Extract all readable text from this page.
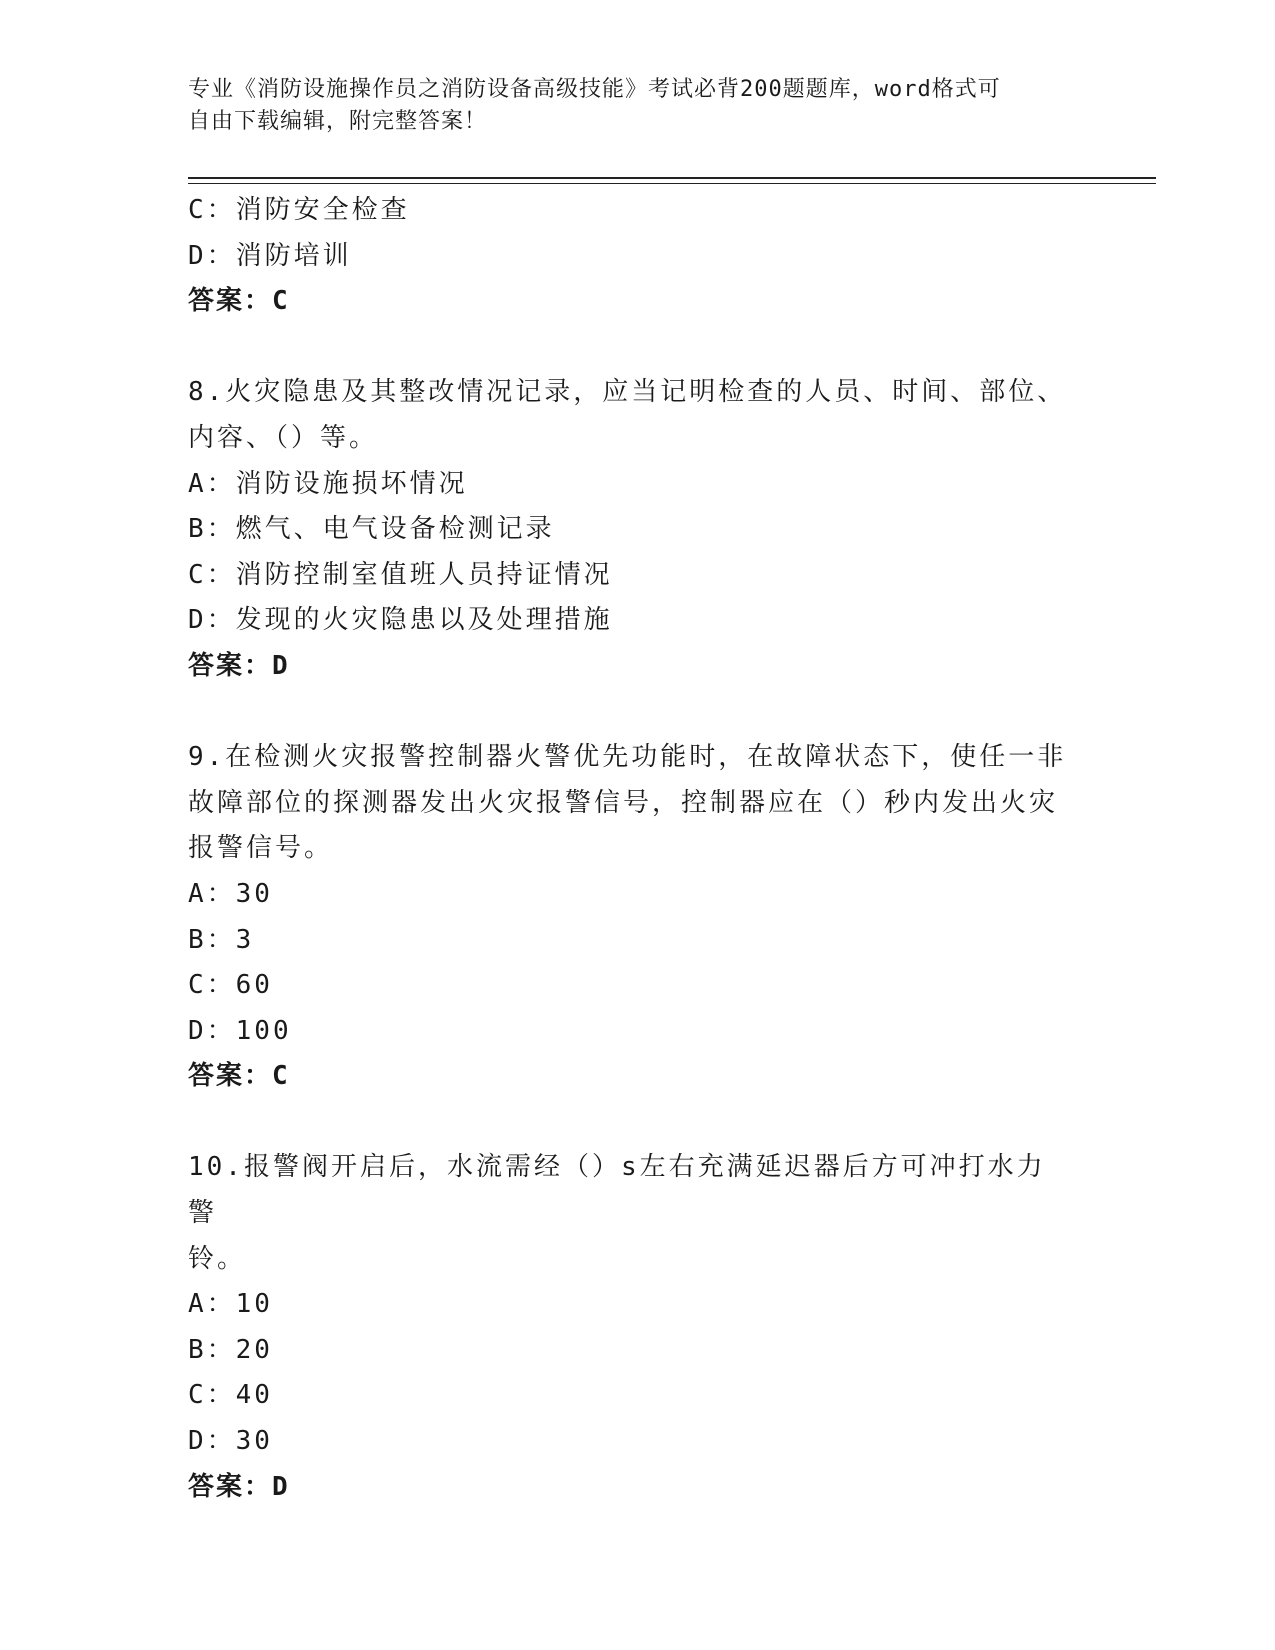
专业《消防设施操作员之消防设备高级技能》考试必背200题题库，word格式可
自由下载编辑，附完整答案！
C：消防安全检查
D：消防培训
答案：C
8.火灾隐患及其整改情况记录，应当记明检查的人员、时间、部位、
内容、（）等。
A：消防设施损坏情况
B：燃气、电气设备检测记录
C：消防控制室值班人员持证情况
D：发现的火灾隐患以及处理措施
答案：D
9.在检测火灾报警控制器火警优先功能时，在故障状态下，使任一非
故障部位的探测器发出火灾报警信号，控制器应在（）秒内发出火灾
报警信号。
A：30
B：3
C：60
D：100
答案：C
10.报警阀开启后，水流需经（）s左右充满延迟器后方可冲打水力警
铃。
A：10
B：20
C：40
D：30
答案：D
